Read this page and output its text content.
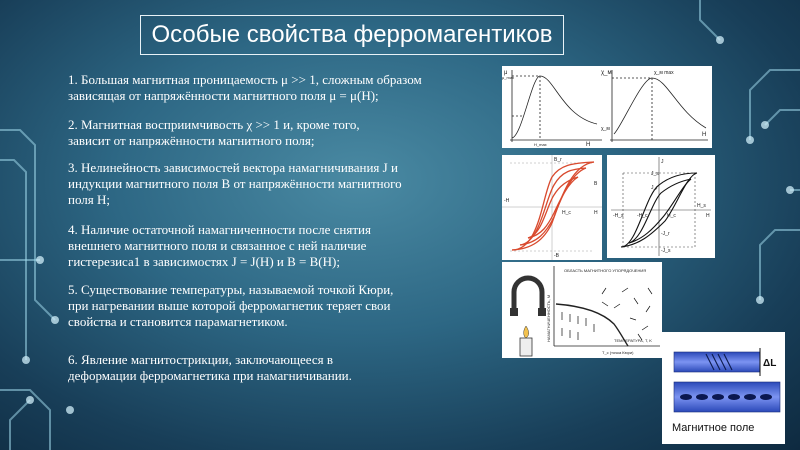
Особые свойства ферромагентиков
1. Большая магнитная проницаемость μ >> 1, сложным образом
зависящая от напряжённости магнитного поля μ = μ(H);
2. Магнитная восприимчивость χ >> 1 и, кроме того,
зависит от напряжённости магнитного поля;
3. Нелинейность зависимостей вектора намагничивания J и
индукции магнитного поля В от напряжённости магнитного
поля Н;
4. Наличие остаточной намагниченности после снятия
внешнего магнитного поля и связанное с ней наличие
гистерезиса1 в зависимостях J = J(H) и B = B(H);
5. Существование температуры, называемой точкой Кюри,
при нагревании выше которой ферромагнетик теряет свои
свойства и становится парамагнетиком.
6. Явление магнитострикции, заключающееся в
деформации ферромагнетика при намагничивании.
μ
μ_max
H_max	Н
χ_м	χ_м max
χ_м
H
B_r
B
H_c	H
-H
-B
J
J_s
J_r
-H_c	H_c	H
-H_s
H_s
-J_r
-J_s
ОБЛАСТЬ МАГНИТНОГО УПОРЯДОЧЕНИЯ
НАМАГНИЧЕННОСТЬ, М	ТЕМПЕРАТУРА, T, K
T_c (точка Кюри)
ΔL
Магнитное поле
